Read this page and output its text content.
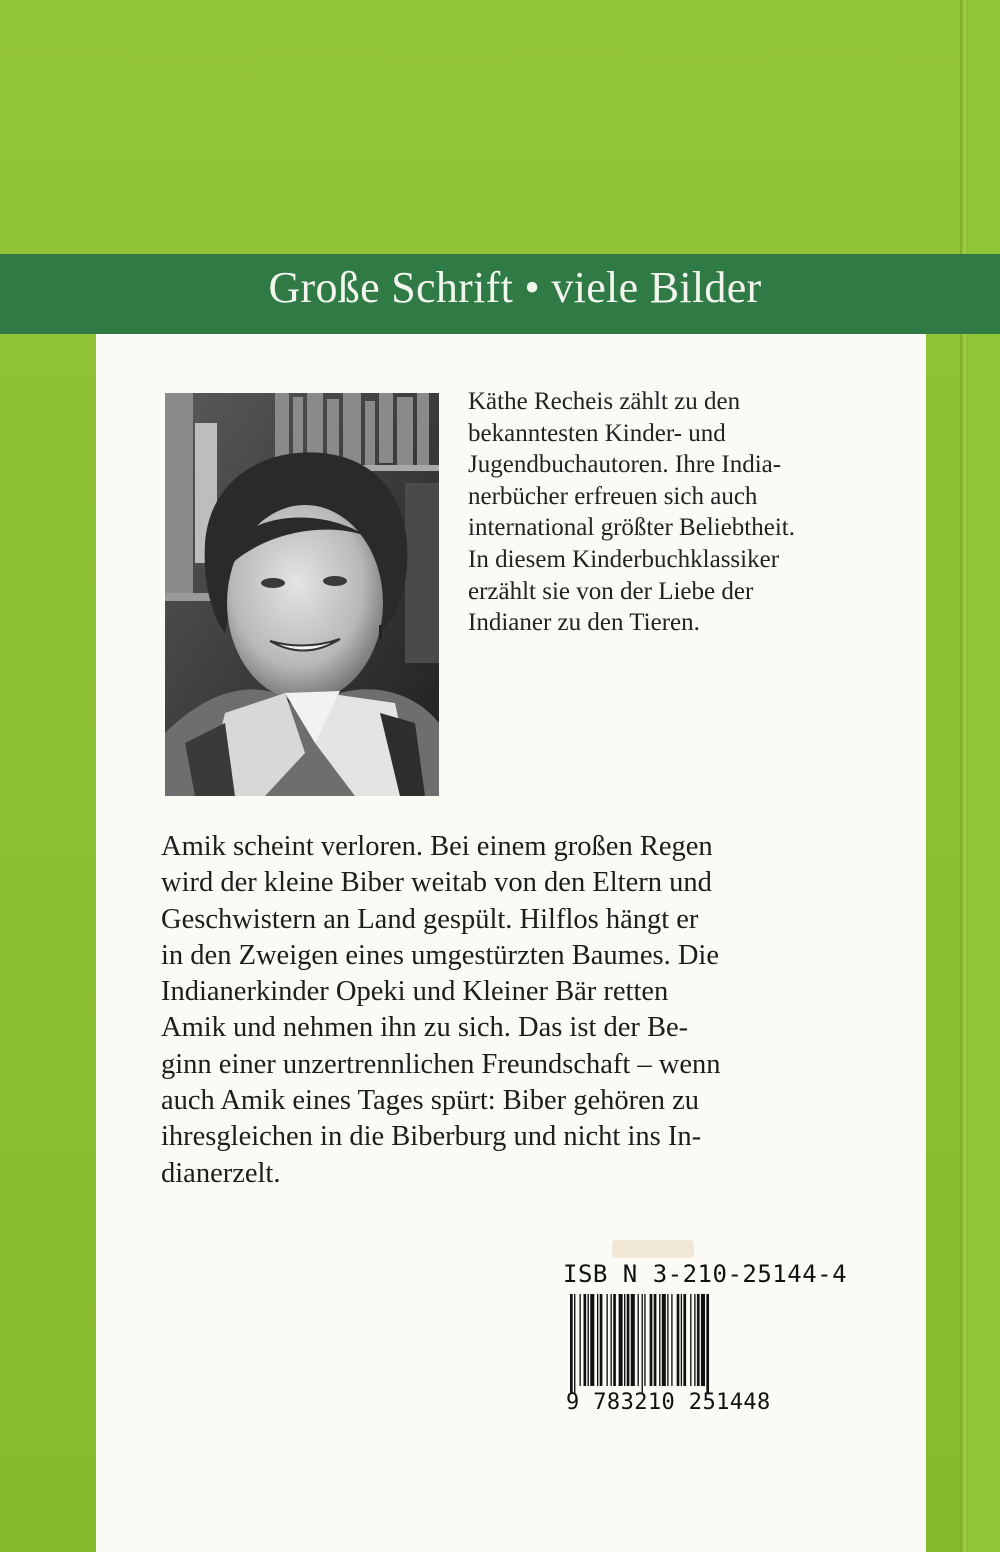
Große Schrift • viele Bilder
Käthe Recheis zählt zu den
bekanntesten Kinder- und
Jugendbuchautoren. Ihre India-
nerbücher erfreuen sich auch
international größter Beliebtheit.
In diesem Kinderbuchklassiker
erzählt sie von der Liebe der
Indianer zu den Tieren.

Amik scheint verloren. Bei einem großen Regen

wird der kleine Biber weitab von den Eltern und

Geschwistern an Land gespült. Hilflos hängt er

in den Zweigen eines umgestürzten Baumes. Die

Indianerkinder Opeki und Kleiner Bär retten

Amik und nehmen ihn zu sich. Das ist der Be-

ginn einer unzertrennlichen Freundschaft – wenn

auch Amik eines Tages spürt: Biber gehören zu

ihresgleichen in die Biberburg und nicht ins In-

dianerzelt.

ISB N 3-210-25144-4
9 783210 251448
